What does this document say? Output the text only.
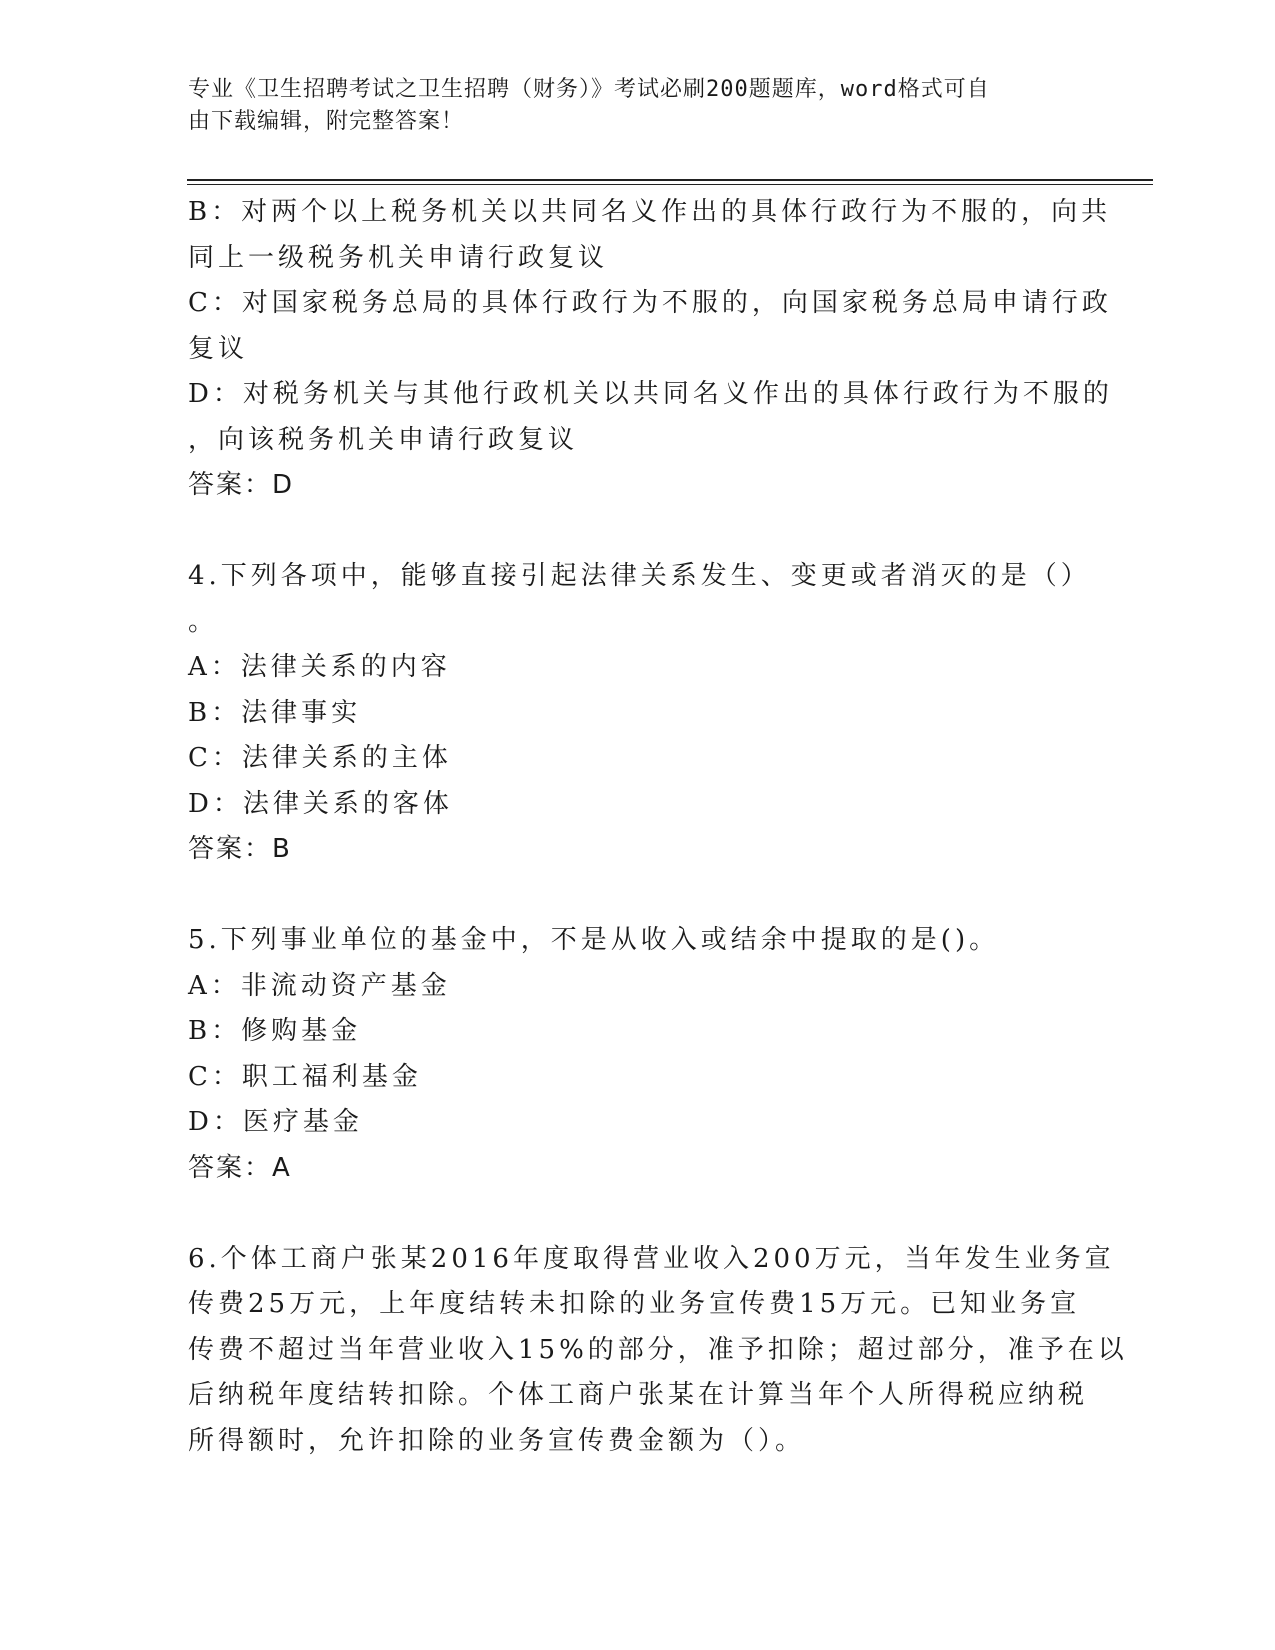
专业《卫生招聘考试之卫生招聘（财务）》考试必刷200题题库，word格式可自
由下载编辑，附完整答案！
B：对两个以上税务机关以共同名义作出的具体行政行为不服的，向共
同上一级税务机关申请行政复议
C：对国家税务总局的具体行政行为不服的，向国家税务总局申请行政
复议
D：对税务机关与其他行政机关以共同名义作出的具体行政行为不服的
，向该税务机关申请行政复议
答案：D
4.下列各项中，能够直接引起法律关系发生、变更或者消灭的是（）
。
A：法律关系的内容
B：法律事实
C：法律关系的主体
D：法律关系的客体
答案：B
5.下列事业单位的基金中，不是从收入或结余中提取的是()。
A：非流动资产基金
B：修购基金
C：职工福利基金
D：医疗基金
答案：A
6.个体工商户张某2016年度取得营业收入200万元，当年发生业务宣
传费25万元，上年度结转未扣除的业务宣传费15万元。已知业务宣
传费不超过当年营业收入15%的部分，准予扣除；超过部分，准予在以
后纳税年度结转扣除。个体工商户张某在计算当年个人所得税应纳税
所得额时，允许扣除的业务宣传费金额为（）。
